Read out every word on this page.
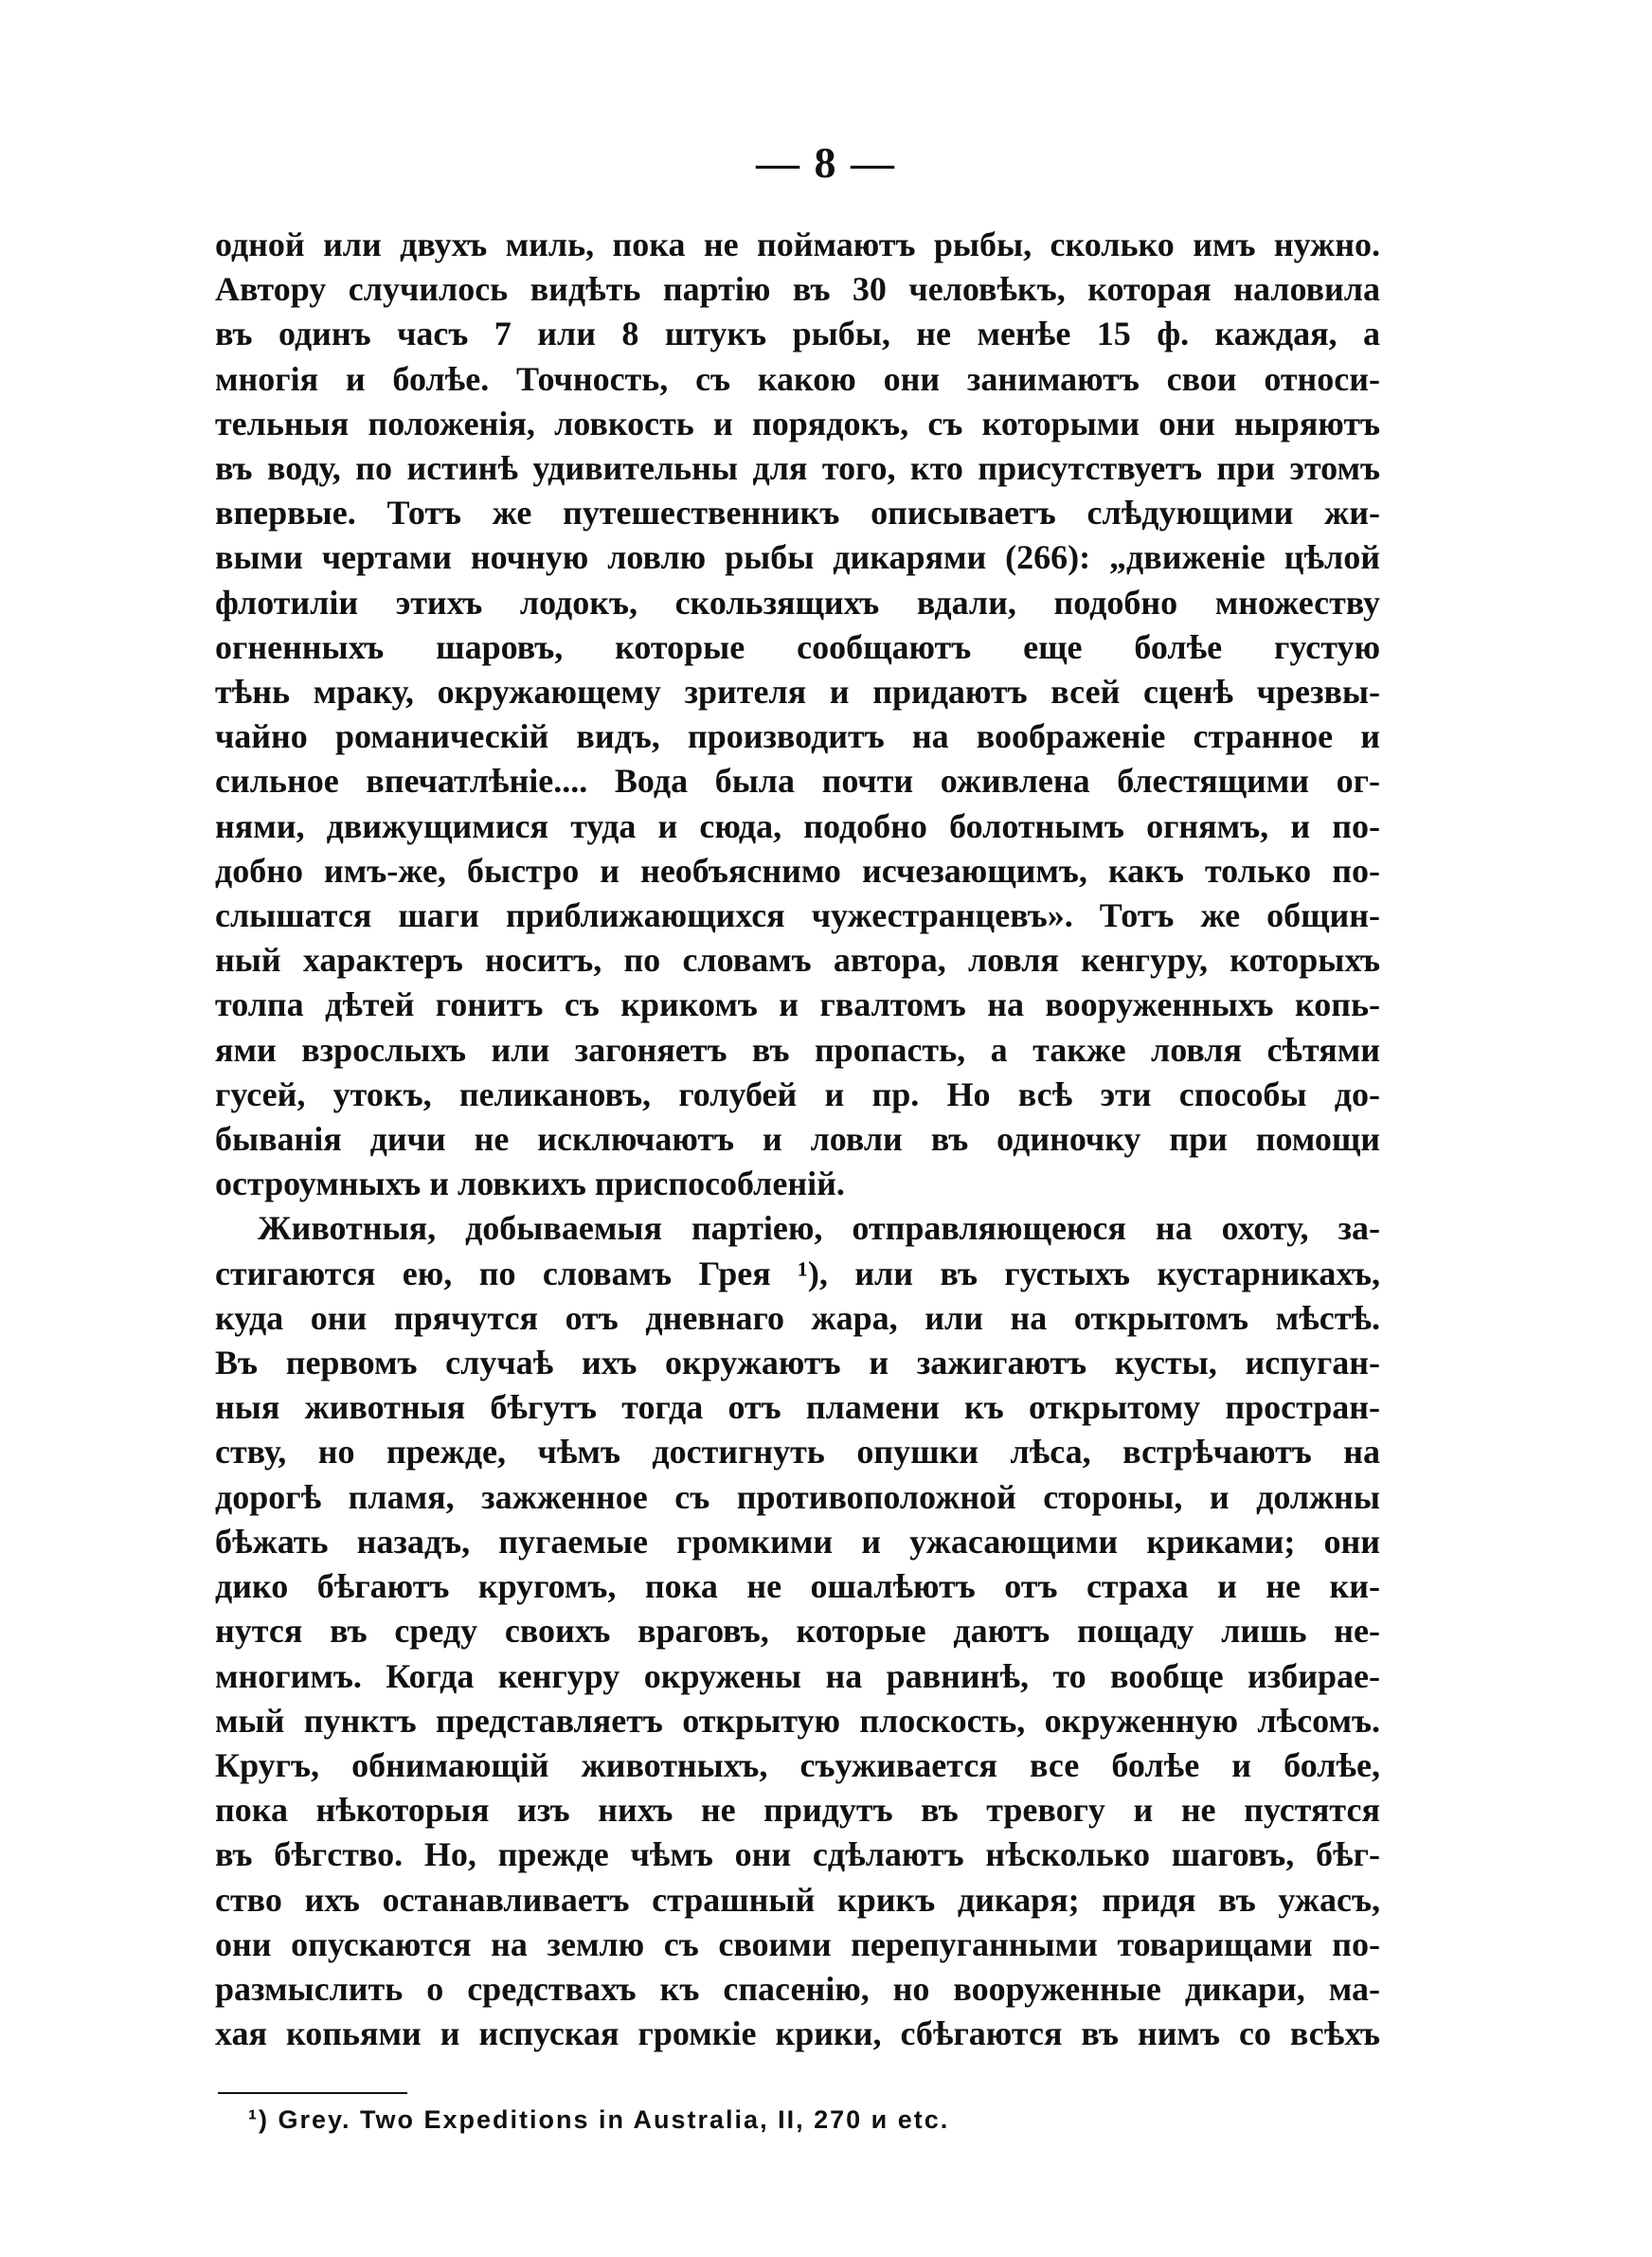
— 8 —
одной или двухъ миль, пока не поймаютъ рыбы, сколько имъ нужно.
Автору случилось видѣть партію въ 30 человѣкъ, которая наловила
въ одинъ часъ 7 или 8 штукъ рыбы, не менѣе 15 ф. каждая, а
многія и болѣе. Точность, съ какою они занимаютъ свои относи-
тельныя положенія, ловкость и порядокъ, съ которыми они ныряютъ
въ воду, по истинѣ удивительны для того, кто присутствуетъ при этомъ
впервые. Тотъ же путешественникъ описываетъ слѣдующими жи-
выми чертами ночную ловлю рыбы дикарями (266): „движеніе цѣлой
флотиліи этихъ лодокъ, скользящихъ вдали, подобно множеству
огненныхъ шаровъ, которые сообщаютъ еще болѣе густую
тѣнь мраку, окружающему зрителя и придаютъ всей сценѣ чрезвы-
чайно романическій видъ, производитъ на воображеніе странное и
сильное впечатлѣніе.... Вода была почти оживлена блестящими ог-
нями, движущимися туда и сюда, подобно болотнымъ огнямъ, и по-
добно имъ-же, быстро и необъяснимо исчезающимъ, какъ только по-
слышатся шаги приближающихся чужестранцевъ». Тотъ же общин-
ный характеръ носитъ, по словамъ автора, ловля кенгуру, которыхъ
толпа дѣтей гонитъ съ крикомъ и гвалтомъ на вооруженныхъ копь-
ями взрослыхъ или загоняетъ въ пропасть, а также ловля сѣтями
гусей, утокъ, пеликановъ, голубей и пр. Но всѣ эти способы до-
быванія дичи не исключаютъ и ловли въ одиночку при помощи
остроумныхъ и ловкихъ приспособленій.
Животныя, добываемыя партіею, отправляющеюся на охоту, за-
стигаются ею, по словамъ Грея ¹), или въ густыхъ кустарникахъ,
куда они прячутся отъ дневнаго жара, или на открытомъ мѣстѣ.
Въ первомъ случаѣ ихъ окружаютъ и зажигаютъ кусты, испуган-
ныя животныя бѣгутъ тогда отъ пламени къ открытому простран-
ству, но прежде, чѣмъ достигнуть опушки лѣса, встрѣчаютъ на
дорогѣ пламя, зажженное съ противоположной стороны, и должны
бѣжать назадъ, пугаемые громкими и ужасающими криками; они
дико бѣгаютъ кругомъ, пока не ошалѣютъ отъ страха и не ки-
нутся въ среду своихъ враговъ, которые даютъ пощаду лишь не-
многимъ. Когда кенгуру окружены на равнинѣ, то вообще избирае-
мый пунктъ представляетъ открытую плоскость, окруженную лѣсомъ.
Кругъ, обнимающій животныхъ, съуживается все болѣе и болѣе,
пока нѣкоторыя изъ нихъ не придутъ въ тревогу и не пустятся
въ бѣгство. Но, прежде чѣмъ они сдѣлаютъ нѣсколько шаговъ, бѣг-
ство ихъ останавливаетъ страшный крикъ дикаря; придя въ ужасъ,
они опускаются на землю съ своими перепуганными товарищами по-
размыслить о средствахъ къ спасенію, но вооруженные дикари, ма-
хая копьями и испуская громкіе крики, сбѣгаются въ нимъ со всѣхъ
¹) Grey. Two Expeditions in Australia, II, 270 и etc.
